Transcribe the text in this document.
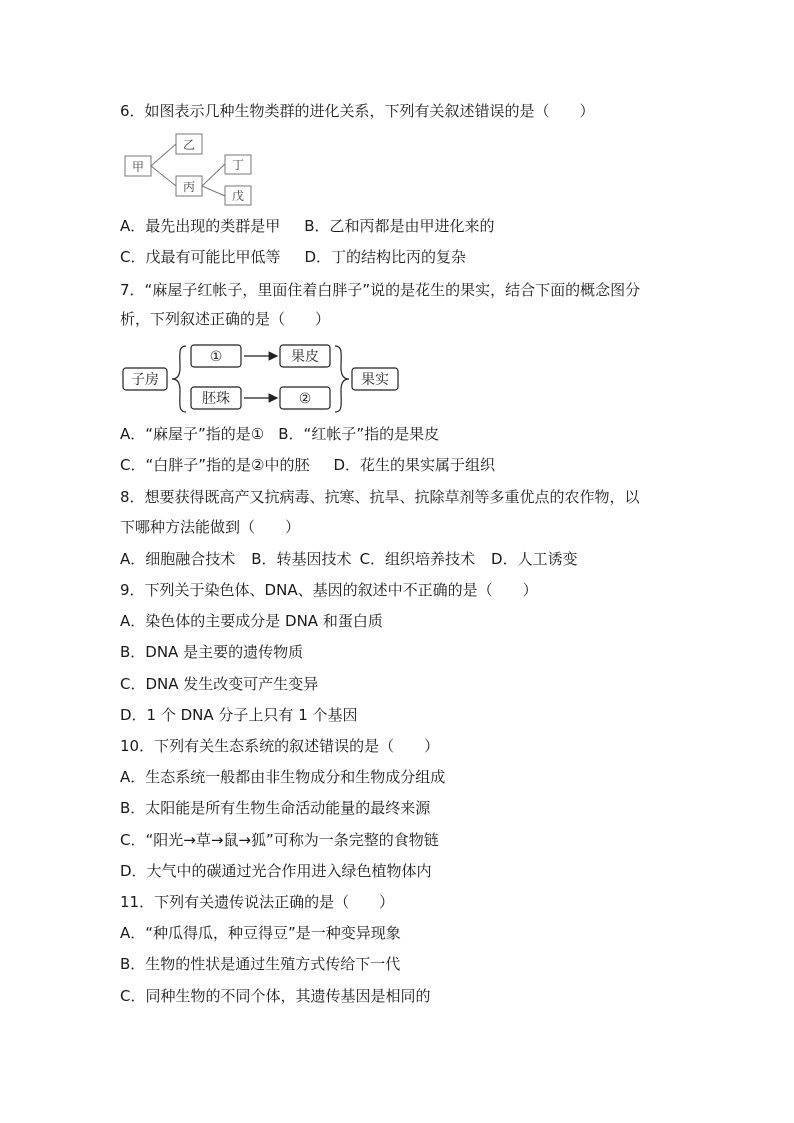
6．如图表示几种生物类群的进化关系，下列有关叙述错误的是（　　）
甲
乙
丙
丁
戊
A．最先出现的类群是甲 B．乙和丙都是由甲进化来的
C．戊最有可能比甲低等 D．丁的结构比丙的复杂
7．“麻屋子红帐子，里面住着白胖子”说的是花生的果实，结合下面的概念图分
析，下列叙述正确的是（　　）
子房
①	果皮
胚珠	②
果实
A．“麻屋子”指的是① B．“红帐子”指的是果皮
C．“白胖子”指的是②中的胚 D．花生的果实属于组织
8．想要获得既高产又抗病毒、抗寒、抗旱、抗除草剂等多重优点的农作物，以
下哪种方法能做到（　　）
A．细胞融合技术 B．转基因技术 C．组织培养技术 D．人工诱变
9．下列关于染色体、DNA、基因的叙述中不正确的是（　　）
A．染色体的主要成分是 DNA 和蛋白质
B．DNA 是主要的遗传物质
C．DNA 发生改变可产生变异
D．1 个 DNA 分子上只有 1 个基因
10．下列有关生态系统的叙述错误的是（　　）
A．生态系统一般都由非生物成分和生物成分组成
B．太阳能是所有生物生命活动能量的最终来源
C．“阳光→草→鼠→狐”可称为一条完整的食物链
D．大气中的碳通过光合作用进入绿色植物体内
11．下列有关遗传说法正确的是（　　）
A．“种瓜得瓜，种豆得豆”是一种变异现象
B．生物的性状是通过生殖方式传给下一代
C．同种生物的不同个体，其遗传基因是相同的
